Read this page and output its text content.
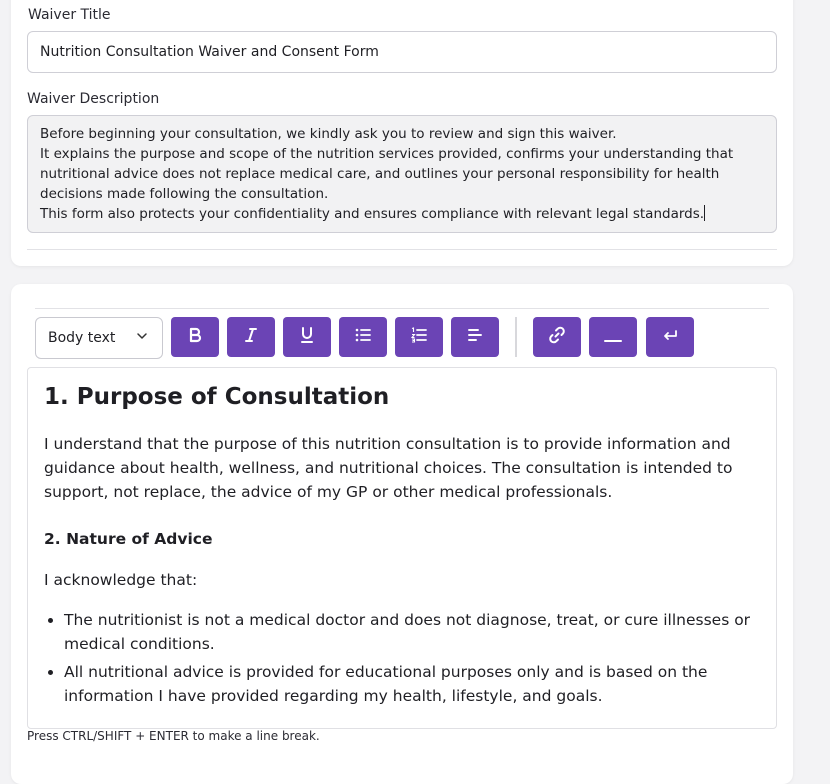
Waiver Title
Nutrition Consultation Waiver and Consent Form
Waiver Description
Before beginning your consultation, we kindly ask you to review and sign this waiver.
It explains the purpose and scope of the nutrition services provided, confirms your understanding that nutritional advice does not replace medical care, and outlines your personal responsibility for health decisions made following the consultation.
This form also protects your confidentiality and ensures compliance with relevant legal standards.
Body text
1. Purpose of Consultation
I understand that the purpose of this nutrition consultation is to provide information and guidance about health, wellness, and nutritional choices. The consultation is intended to support, not replace, the advice of my GP or other medical professionals.
2. Nature of Advice
I acknowledge that:
• The nutritionist is not a medical doctor and does not diagnose, treat, or cure illnesses or medical conditions.
• All nutritional advice is provided for educational purposes only and is based on the information I have provided regarding my health, lifestyle, and goals.
Press CTRL/SHIFT + ENTER to make a line break.
